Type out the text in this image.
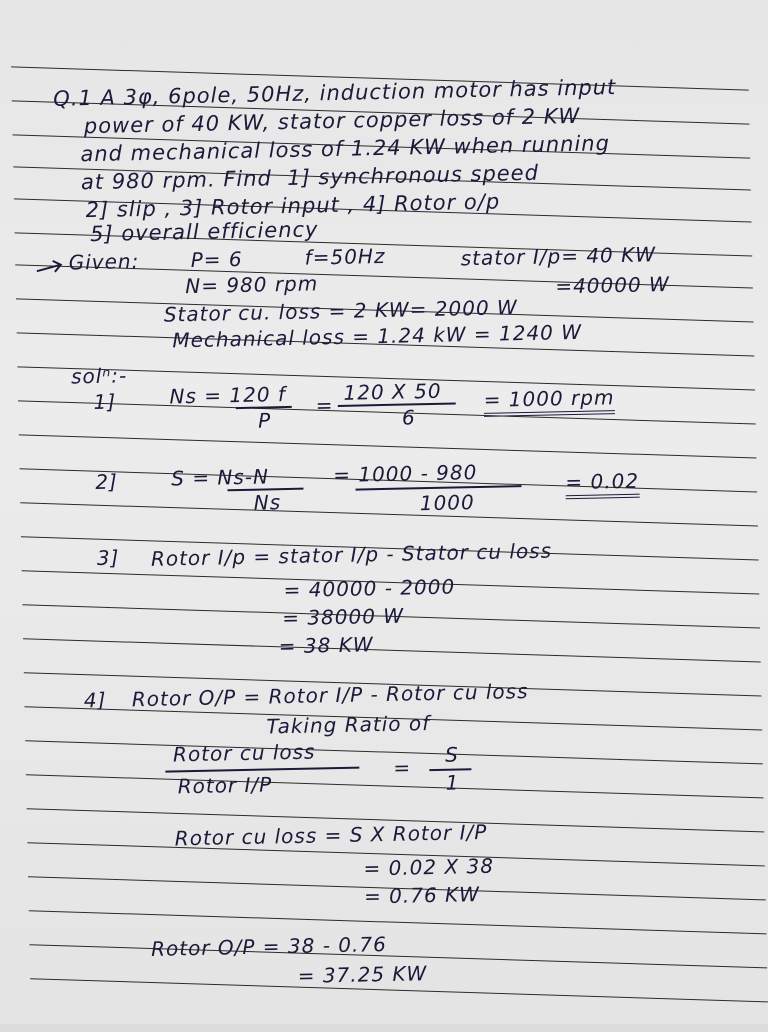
Q.1 A 3φ, 6pole, 50Hz, induction motor has input
power of 40 KW, stator copper loss of 2 KW
and mechanical loss of 1.24 KW when running
at 980 rpm. Find  1] synchronous speed
2] slip , 3] Rotor input , 4] Rotor o/p
5] overall efficiency
Given:	P= 6	f=50Hz	stator I/p= 40 KW
N= 980 rpm	=40000 W
Stator cu. loss = 2 KW= 2000 W
Mechanical loss = 1.24 kW = 1240 W
solⁿ:-
1]	Ns = 120 f
P
=
120 X 50
6
= 1000 rpm
2]	S = Ns-N
Ns
= 1000 - 980
1000
= 0.02
3] Rotor I/p = stator I/p - Stator cu loss
= 40000 - 2000
= 38000 W
= 38 KW
4] Rotor O/P = Rotor I/P - Rotor cu loss
Taking Ratio of
Rotor cu loss
Rotor I/P
=
S
1
Rotor cu loss = S X Rotor I/P
= 0.02 X 38
= 0.76 KW
Rotor O/P = 38 - 0.76
= 37.25 KW
